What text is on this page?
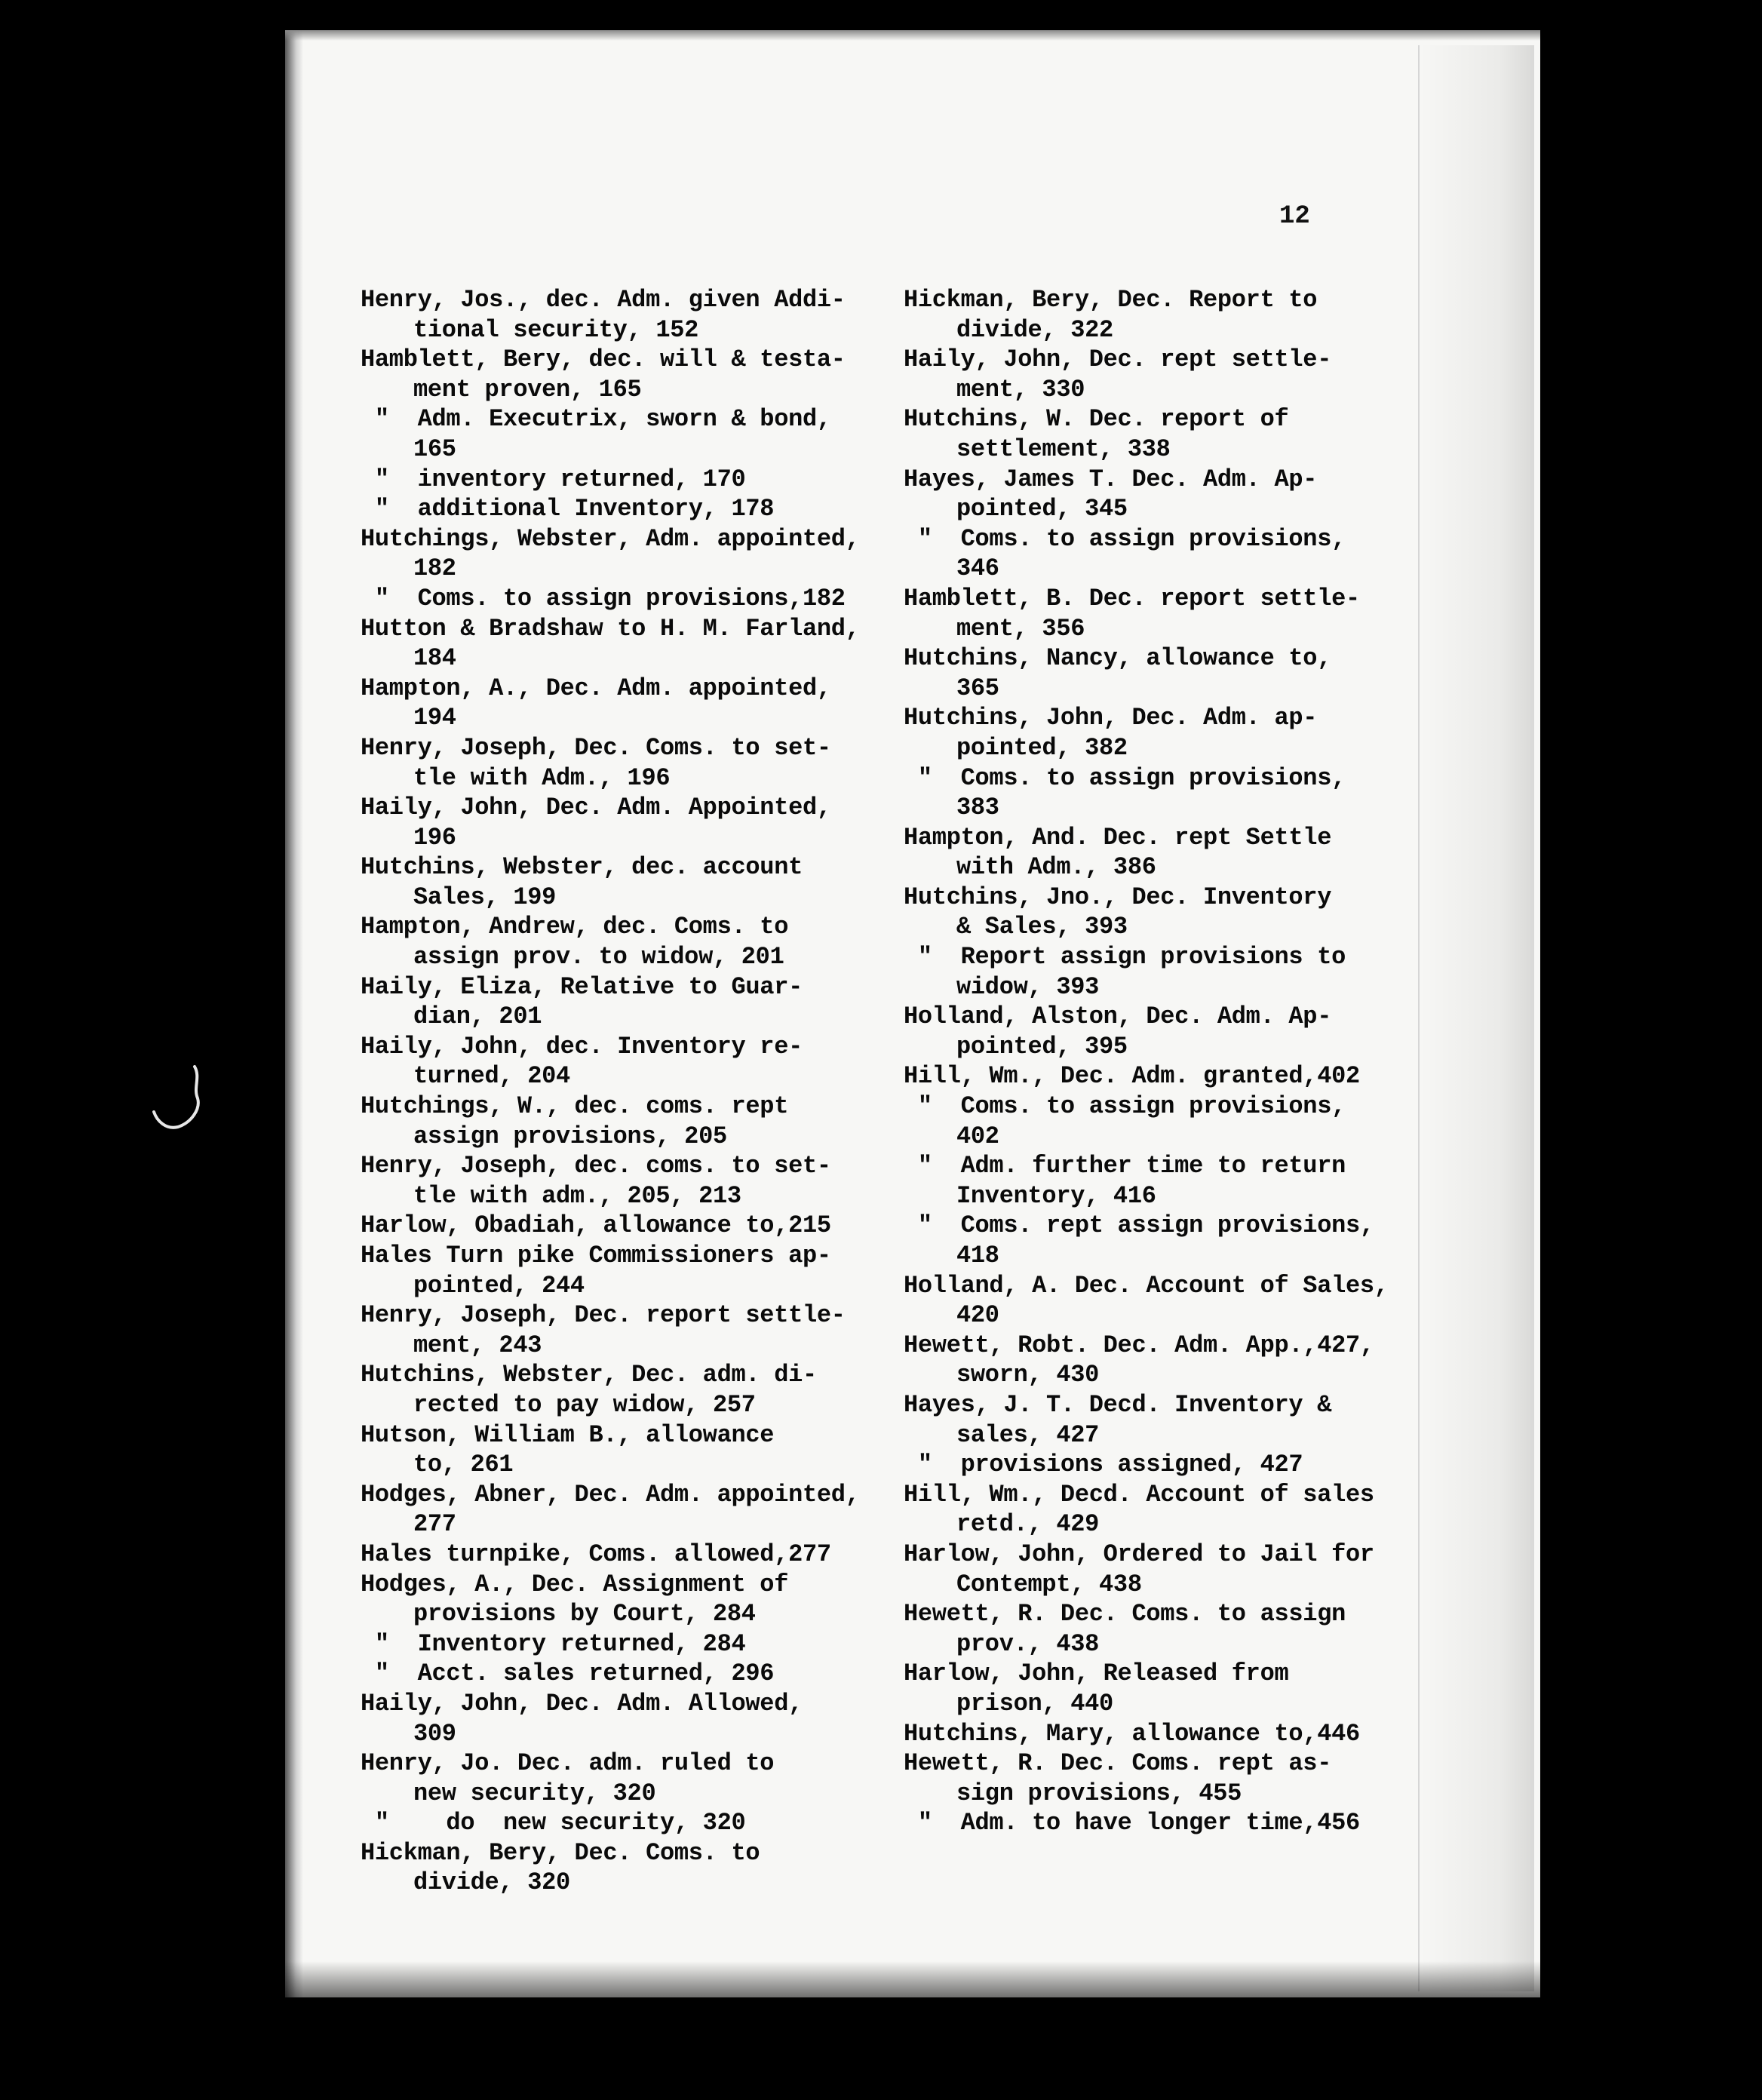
12
Henry, Jos., dec. Adm. given Addi-
tional security, 152
Hamblett, Bery, dec. will & testa-
ment proven, 165
"  Adm. Executrix, sworn & bond,
165
"  inventory returned, 170
"  additional Inventory, 178
Hutchings, Webster, Adm. appointed,
182
"  Coms. to assign provisions,182
Hutton & Bradshaw to H. M. Farland,
184
Hampton, A., Dec. Adm. appointed,
194
Henry, Joseph, Dec. Coms. to set-
tle with Adm., 196
Haily, John, Dec. Adm. Appointed,
196
Hutchins, Webster, dec. account
Sales, 199
Hampton, Andrew, dec. Coms. to
assign prov. to widow, 201
Haily, Eliza, Relative to Guar-
dian, 201
Haily, John, dec. Inventory re-
turned, 204
Hutchings, W., dec. coms. rept
assign provisions, 205
Henry, Joseph, dec. coms. to set-
tle with adm., 205, 213
Harlow, Obadiah, allowance to,215
Hales Turn pike Commissioners ap-
pointed, 244
Henry, Joseph, Dec. report settle-
ment, 243
Hutchins, Webster, Dec. adm. di-
rected to pay widow, 257
Hutson, William B., allowance
to, 261
Hodges, Abner, Dec. Adm. appointed,
277
Hales turnpike, Coms. allowed,277
Hodges, A., Dec. Assignment of
provisions by Court, 284
"  Inventory returned, 284
"  Acct. sales returned, 296
Haily, John, Dec. Adm. Allowed,
309
Henry, Jo. Dec. adm. ruled to
new security, 320
"    do  new security, 320
Hickman, Bery, Dec. Coms. to
divide, 320
Hickman, Bery, Dec. Report to
divide, 322
Haily, John, Dec. rept settle-
ment, 330
Hutchins, W. Dec. report of
settlement, 338
Hayes, James T. Dec. Adm. Ap-
pointed, 345
"  Coms. to assign provisions,
346
Hamblett, B. Dec. report settle-
ment, 356
Hutchins, Nancy, allowance to,
365
Hutchins, John, Dec. Adm. ap-
pointed, 382
"  Coms. to assign provisions,
383
Hampton, And. Dec. rept Settle
with Adm., 386
Hutchins, Jno., Dec. Inventory
& Sales, 393
"  Report assign provisions to
widow, 393
Holland, Alston, Dec. Adm. Ap-
pointed, 395
Hill, Wm., Dec. Adm. granted,402
"  Coms. to assign provisions,
402
"  Adm. further time to return
Inventory, 416
"  Coms. rept assign provisions,
418
Holland, A. Dec. Account of Sales,
420
Hewett, Robt. Dec. Adm. App.,427,
sworn, 430
Hayes, J. T. Decd. Inventory &
sales, 427
"  provisions assigned, 427
Hill, Wm., Decd. Account of sales
retd., 429
Harlow, John, Ordered to Jail for
Contempt, 438
Hewett, R. Dec. Coms. to assign
prov., 438
Harlow, John, Released from
prison, 440
Hutchins, Mary, allowance to,446
Hewett, R. Dec. Coms. rept as-
sign provisions, 455
"  Adm. to have longer time,456
